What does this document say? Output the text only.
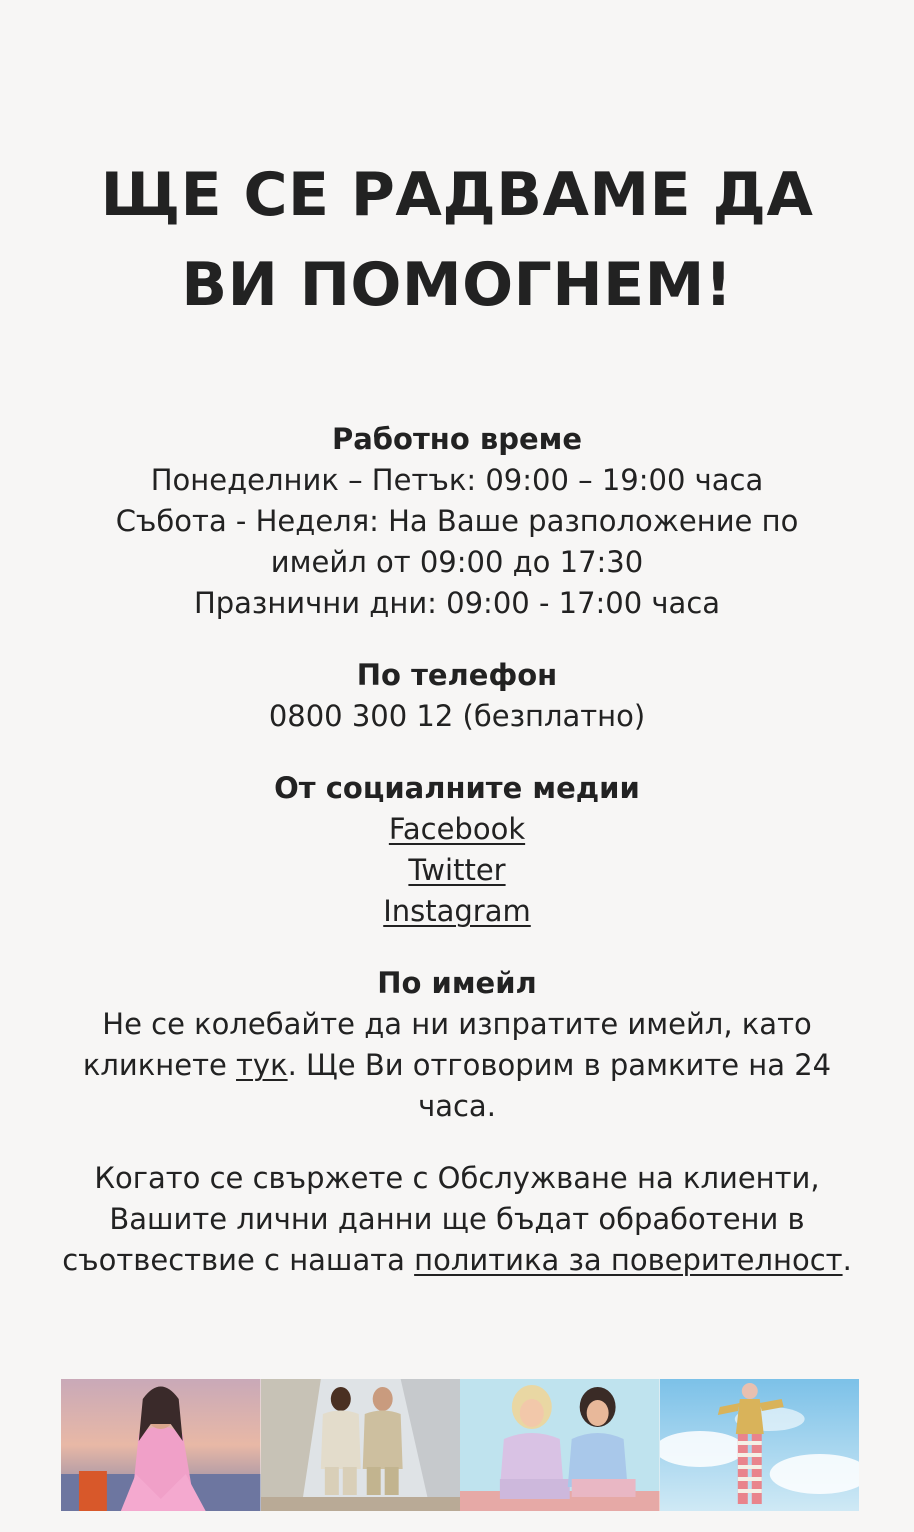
ЩЕ СЕ РАДВАМЕ ДА
ВИ ПОМОГНЕМ!
Работно време
Понеделник – Петък: 09:00 – 19:00 часа
Събота - Неделя: На Ваше разположение по
имейл от 09:00 до 17:30
Празнични дни: 09:00 - 17:00 часа
По телефон
0800 300 12 (безплатно)
От социалните медии
Facebook
Twitter
Instagram
По имейл
Не се колебайте да ни изпратите имейл, като кликнете тук. Ще Ви отговорим в рамките на 24 часа.
Когато се свържете с Обслужване на клиенти, Вашите лични данни ще бъдат обработени в съотвествие с нашата политика за поверителност.
